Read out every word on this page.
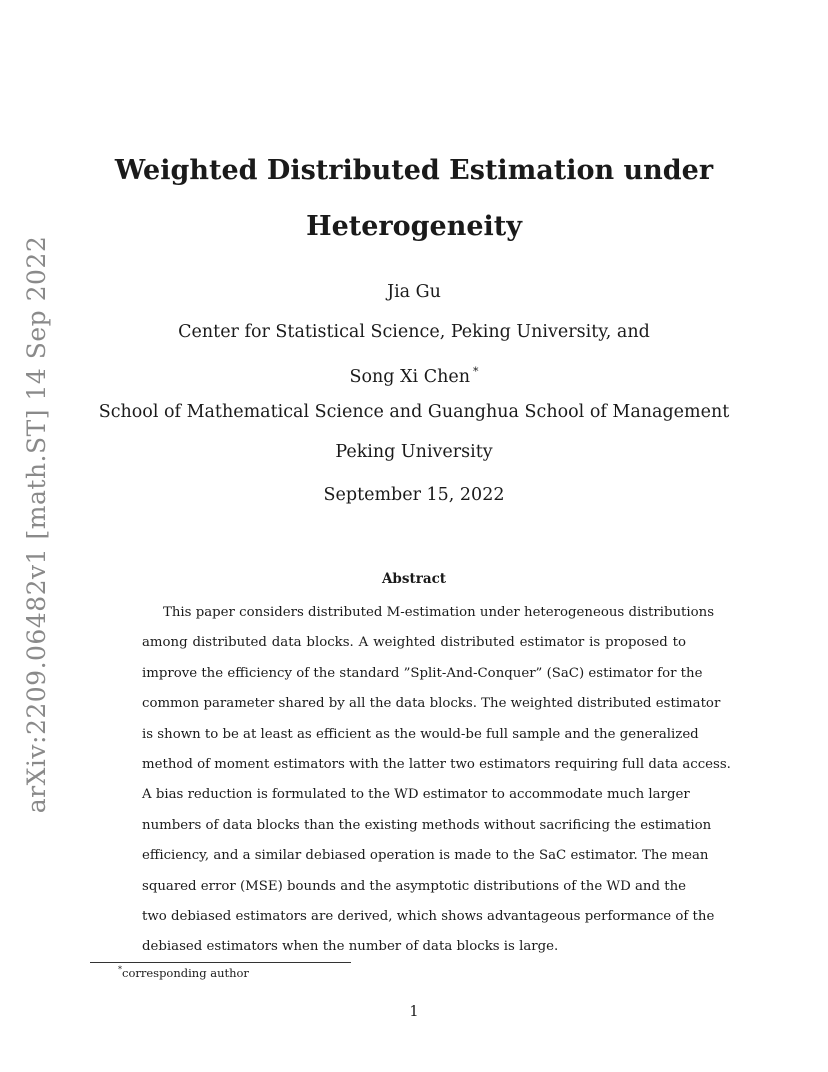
arXiv:2209.06482v1 [math.ST] 14 Sep 2022
Weighted Distributed Estimation under
Heterogeneity

Jia Gu

Center for Statistical Science, Peking University, and

Song Xi Chen *

School of Mathematical Science and Guanghua School of Management

Peking University

September 15, 2022

Abstract
This paper considers distributed M-estimation under heterogeneous distributions
among distributed data blocks. A weighted distributed estimator is proposed to
improve the efficiency of the standard ”Split-And-Conquer” (SaC) estimator for the
common parameter shared by all the data blocks. The weighted distributed estimator
is shown to be at least as efficient as the would-be full sample and the generalized
method of moment estimators with the latter two estimators requiring full data access.
A bias reduction is formulated to the WD estimator to accommodate much larger
numbers of data blocks than the existing methods without sacrificing the estimation
efficiency, and a similar debiased operation is made to the SaC estimator. The mean
squared error (MSE) bounds and the asymptotic distributions of the WD and the
two debiased estimators are derived, which shows advantageous performance of the
debiased estimators when the number of data blocks is large.

*corresponding author

1
